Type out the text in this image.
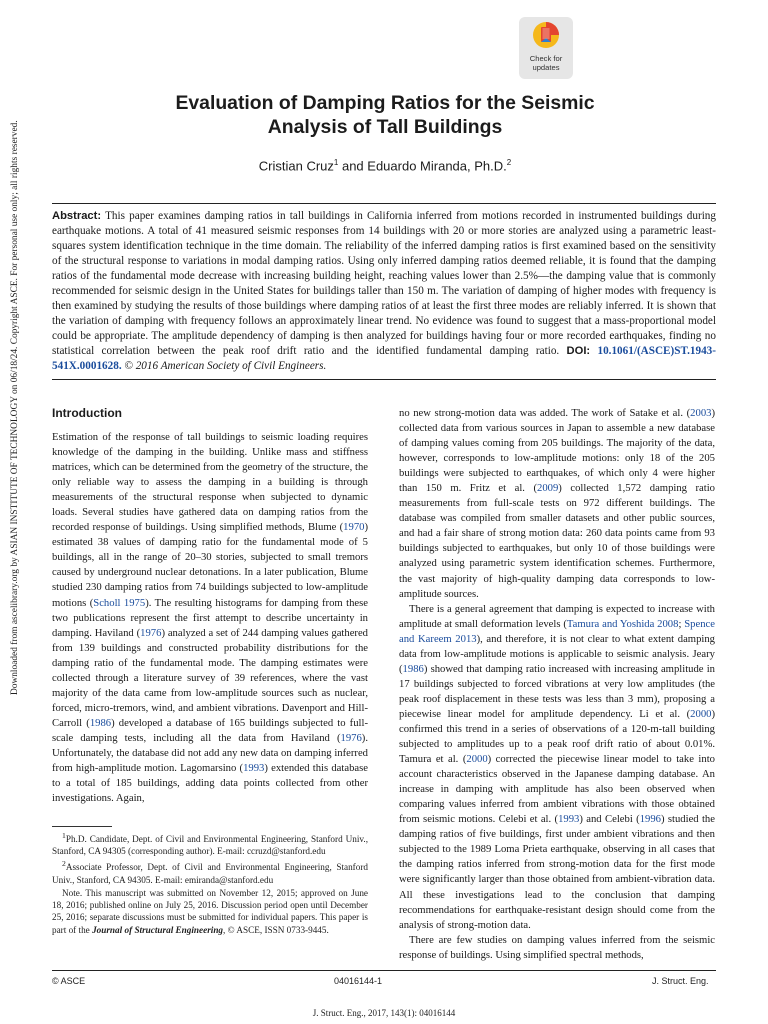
Downloaded from ascelibrary.org by ASIAN INSTITUTE OF TECHNOLOGY on 06/18/24. Copyright ASCE. For personal use only; all rights reserved.
Check for
updates
Evaluation of Damping Ratios for the Seismic
Analysis of Tall Buildings
Cristian Cruz$^1$ and Eduardo Miranda, Ph.D.$^2$
Abstract: This paper examines damping ratios in tall buildings in California inferred from motions recorded in instrumented buildings during earthquake motions. A total of 41 measured seismic responses from 14 buildings with 20 or more stories are analyzed using a parametric least-squares system identification technique in the time domain. The reliability of the inferred damping ratios is first examined based on the sensitivity of the structural response to variations in modal damping ratios. Using only inferred damping ratios deemed reliable, it is found that the damping ratios of the fundamental mode decrease with increasing building height, reaching values lower than 2.5%—the damping value that is commonly recommended for seismic design in the United States for buildings taller than 150 m. The variation of damping of higher modes with frequency is then examined by studying the results of those buildings where damping ratios of at least the first three modes are reliably inferred. It is shown that the variation of damping with frequency follows an approximately linear trend. No evidence was found to suggest that a mass-proportional model could be appropriate. The amplitude dependency of damping is then analyzed for buildings having four or more recorded earthquakes, finding no statistical correlation between the peak roof drift ratio and the identified fundamental damping ratio. DOI: 10.1061/(ASCE)ST.1943-541X.0001628. © 2016 American Society of Civil Engineers.
Introduction

Estimation of the response of tall buildings to seismic loading requires knowledge of the damping in the building. Unlike mass and stiffness matrices, which can be determined from the geometry of the structure, the only reliable way to assess the damping in a building is through measurements of the structural response when subjected to dynamic loads. Several studies have gathered data on damping ratios from the recorded response of buildings. Using simplified methods, Blume (1970) estimated 38 values of damping ratio for the fundamental mode of 5 buildings, all in the range of 20–30 stories, subjected to small tremors caused by underground nuclear detonations. In a later publication, Blume studied 230 damping ratios from 74 buildings subjected to low-amplitude motions (Scholl 1975). The resulting histograms for damping from these two publications represent the first attempt to describe uncertainty in damping. Haviland (1976) analyzed a set of 244 damping values gathered from 139 buildings and constructed probability distributions for the damping ratio of the fundamental mode. The damping estimates were collected through a literature survey of 39 references, where the vast majority of the data came from low-amplitude sources such as nuclear, forced, micro-tremors, wind, and ambient vibrations. Davenport and Hill-Carroll (1986) developed a database of 165 buildings subjected to full-scale damping tests, including all the data from Haviland (1976). Unfortunately, the database did not add any new data on damping inferred from high-amplitude motion. Lagomarsino (1993) extended this database to a total of 185 buildings, adding data points collected from other investigations. Again,

$^1$Ph.D. Candidate, Dept. of Civil and Environmental Engineering, Stanford Univ., Stanford, CA 94305 (corresponding author). E-mail: ccruzd@stanford.edu

$^2$Associate Professor, Dept. of Civil and Environmental Engineering, Stanford Univ., Stanford, CA 94305. E-mail: emiranda@stanford.edu

Note. This manuscript was submitted on November 12, 2015; approved on June 18, 2016; published online on July 25, 2016. Discussion period open until December 25, 2016; separate discussions must be submitted for individual papers. This paper is part of the Journal of Structural Engineering, © ASCE, ISSN 0733-9445.

no new strong-motion data was added. The work of Satake et al. (2003) collected data from various sources in Japan to assemble a new database of damping values coming from 205 buildings. The majority of the data, however, corresponds to low-amplitude motions: only 18 of the 205 buildings were subjected to earthquakes, of which only 4 were higher than 150 m. Fritz et al. (2009) collected 1,572 damping ratio measurements from full-scale tests on 972 different buildings. The database was compiled from smaller datasets and other public sources, and had a fair share of strong motion data: 260 data points came from 93 buildings subjected to earthquakes, but only 10 of those buildings were analyzed using parametric system identification schemes. Furthermore, the vast majority of high-quality damping data corresponds to low-amplitude sources.

There is a general agreement that damping is expected to increase with amplitude at small deformation levels (Tamura and Yoshida 2008; Spence and Kareem 2013), and therefore, it is not clear to what extent damping data from low-amplitude motions is applicable to seismic analysis. Jeary (1986) showed that damping ratio increased with increasing amplitude in 17 buildings subjected to forced vibrations at very low amplitudes (the peak roof displacement in these tests was less than 3 mm), proposing a piecewise linear model for amplitude dependency. Li et al. (2000) confirmed this trend in a series of observations of a 120-m-tall building subjected to amplitudes up to a peak roof drift ratio of about 0.01%. Tamura et al. (2000) corrected the piecewise linear model to take into account characteristics observed in the Japanese damping database. An increase in damping with amplitude has also been observed when comparing values inferred from ambient vibrations with those obtained from seismic motions. Celebi et al. (1993) and Celebi (1996) studied the damping ratios of five buildings, first under ambient vibrations and then subjected to the 1989 Loma Prieta earthquake, observing in all cases that the damping ratios inferred from strong-motion data for the first mode were significantly larger than those obtained from ambient-vibration data. All these investigations lead to the conclusion that damping recommendations for earthquake-resistant design should come from the analysis of strong-motion data.

There are few studies on damping values inferred from the seismic response of buildings. Using simplified spectral methods,

© ASCE	04016144-1	J. Struct. Eng.
J. Struct. Eng., 2017, 143(1): 04016144
